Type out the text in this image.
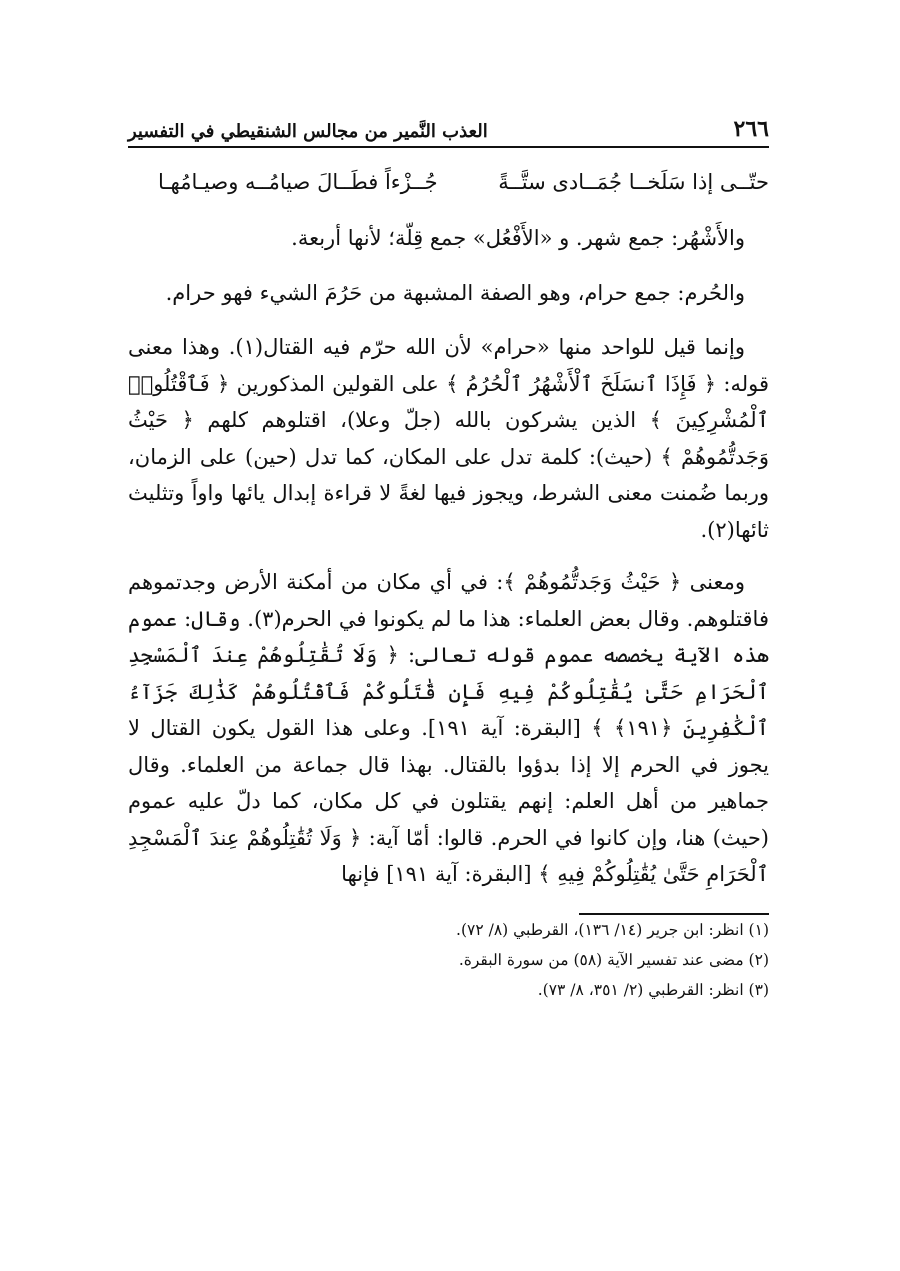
٢٦٦
العذب النَّمير من مجالس الشنقيطي في التفسير
حتّــى إذا سَلَخــا جُمَــادى ستَّــةً
جُــزْءاً فطَــالَ صيامُــه وصيـامُهـا

والأَشْهُر: جمع شهر. و «الأَفْعُل» جمع قِلّة؛ لأنها أربعة.

والحُرم: جمع حرام، وهو الصفة المشبهة من حَرُمَ الشيء فهو حرام.

وإنما قيل للواحد منها «حرام» لأن الله حرّم فيه القتال(١). وهذا معنى قوله: ﴿ فَإِذَا ٱنسَلَخَ ٱلْأَشْهُرُ ٱلْحُرُمُ ﴾ على القولين المذكورين ﴿ فَٱقْتُلُوا۟ ٱلْمُشْرِكِينَ ﴾ الذين يشركون بالله (جلّ وعلا)، اقتلوهم كلهم ﴿ حَيْثُ وَجَدتُّمُوهُمْ ﴾ (حيث): كلمة تدل على المكان، كما تدل (حين) على الزمان، وربما ضُمنت معنى الشرط، ويجوز فيها لغةً لا قراءة إبدال يائها واواً وتثليث ثائها(٢).

ومعنى ﴿ حَيْثُ وَجَدتُّمُوهُمْ ﴾: في أي مكان من أمكنة الأرض وجدتموهم فاقتلوهم. وقال بعض العلماء: هذا ما لم يكونوا في الحرم(٣). وقال: عموم هذه الآية يخصصه عموم قوله تعالى: ﴿ وَلَا تُقَٰتِلُوهُمْ عِندَ ٱلْمَسْجِدِ ٱلْحَرَامِ حَتَّىٰ يُقَٰتِلُوكُمْ فِيهِ فَإِن قَٰتَلُوكُمْ فَٱقْتُلُوهُمْ كَذَٰلِكَ جَزَآءُ ٱلْكَٰفِرِينَ ﴿١٩١﴾ ﴾ [البقرة: آية ١٩١]. وعلى هذا القول يكون القتال لا يجوز في الحرم إلا إذا بدؤوا بالقتال. بهذا قال جماعة من العلماء. وقال جماهير من أهل العلم: إنهم يقتلون في كل مكان، كما دلّ عليه عموم (حيث) هنا، وإن كانوا في الحرم. قالوا: أمّا آية: ﴿ وَلَا تُقَٰتِلُوهُمْ عِندَ ٱلْمَسْجِدِ ٱلْحَرَامِ حَتَّىٰ يُقَٰتِلُوكُمْ فِيهِ ﴾ [البقرة: آية ١٩١] فإنها

(١) انظر: ابن جرير (١٤/ ١٣٦)، القرطبي (٨/ ٧٢).

(٢) مضى عند تفسير الآية (٥٨) من سورة البقرة.

(٣) انظر: القرطبي (٢/ ٣٥١، ٨/ ٧٣).
